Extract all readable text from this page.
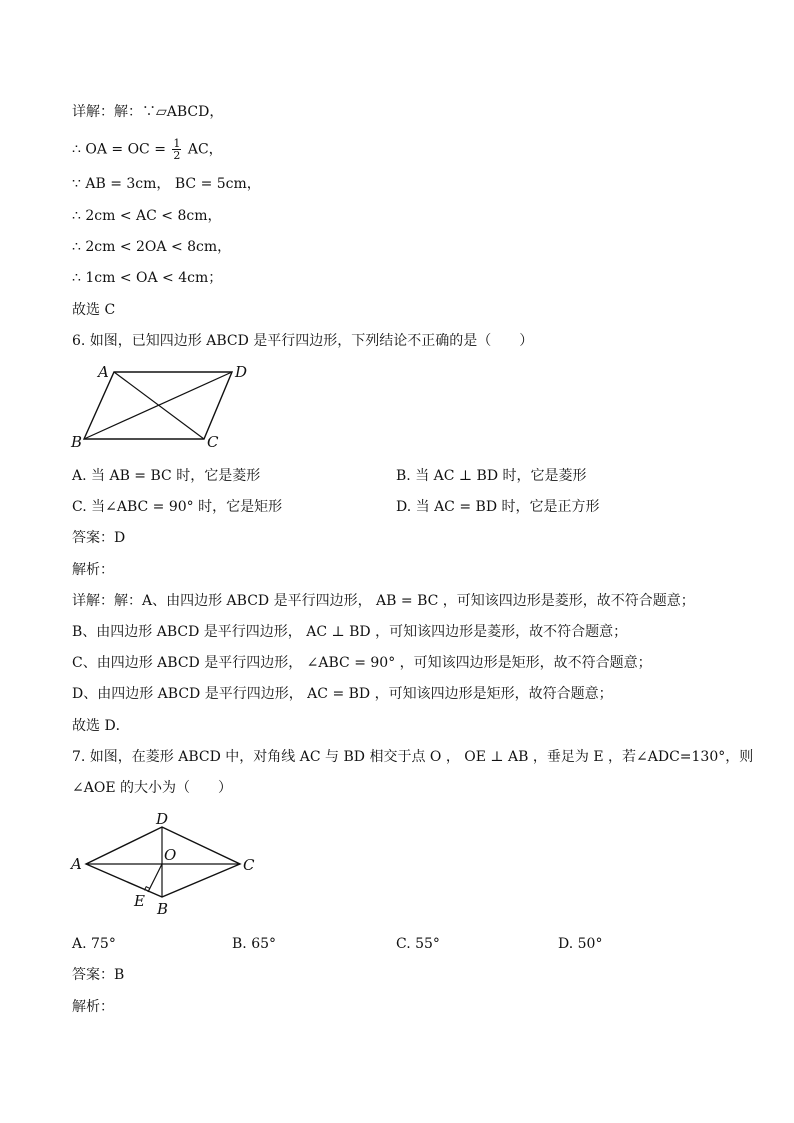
详解：解：∵▱ABCD，
∴ OA = OC = $\frac{1}{2}$ AC，
∵ AB = 3cm， BC = 5cm，
∴ 2cm < AC < 8cm，
∴ 2cm < 2OA < 8cm，
∴ 1cm < OA < 4cm；
故选 C
6. 如图，已知四边形 ABCD 是平行四边形，下列结论不正确的是（　　）
A	D
B	C
A. 当 AB = BC 时，它是菱形	B. 当 AC ⊥ BD 时，它是菱形
C. 当∠ABC = 90° 时，它是矩形	D. 当 AC = BD 时，它是正方形
答案：D
解析：
详解：解：A、由四边形 ABCD 是平行四边形， AB = BC ，可知该四边形是菱形，故不符合题意；
B、由四边形 ABCD 是平行四边形， AC ⊥ BD ，可知该四边形是菱形，故不符合题意；
C、由四边形 ABCD 是平行四边形， ∠ABC = 90° ，可知该四边形是矩形，故不符合题意；
D、由四边形 ABCD 是平行四边形， AC = BD ，可知该四边形是矩形，故符合题意；
故选 D．
7. 如图，在菱形 ABCD 中，对角线 AC 与 BD 相交于点 O ， OE ⊥ AB ，垂足为 E ，若∠ADC=130°，则
∠AOE 的大小为（　　）
A
D
C
B
O
E
A. 75°	B. 65°	C. 55°	D. 50°
答案：B
解析：
